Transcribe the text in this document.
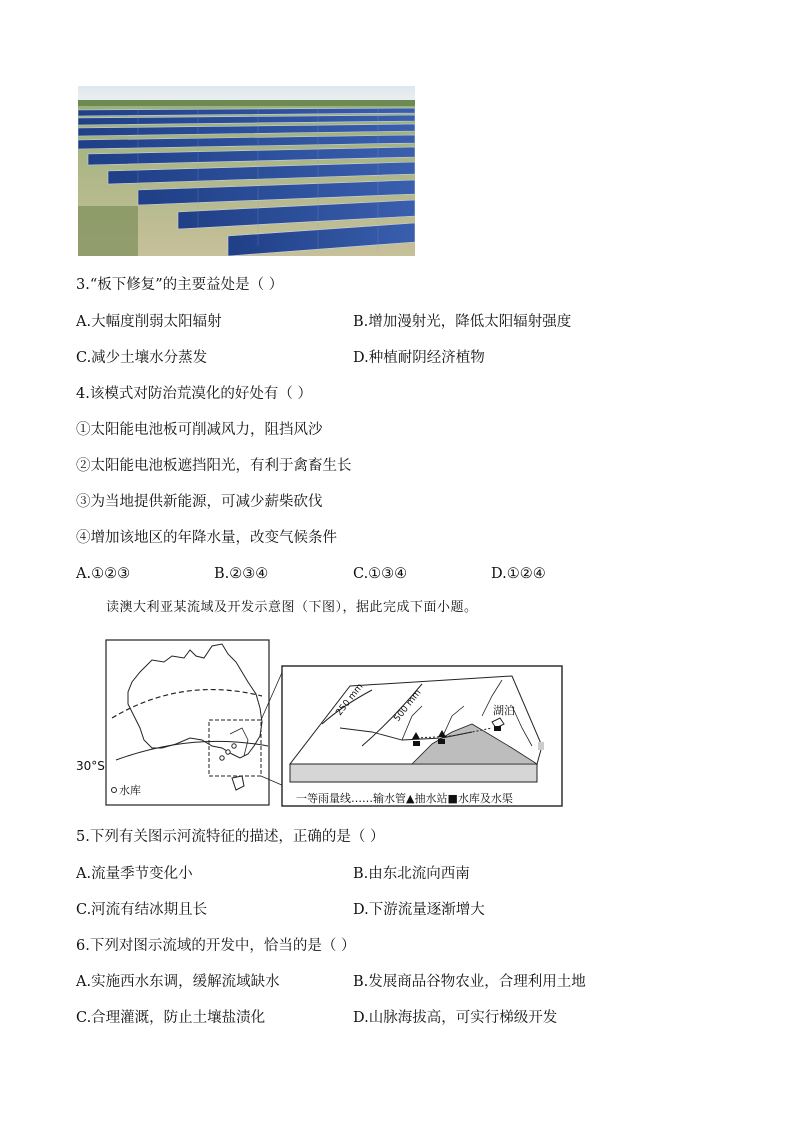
3.“板下修复”的主要益处是（ ）
A.大幅度削弱太阳辐射	B.增加漫射光，降低太阳辐射强度
C.减少土壤水分蒸发	D.种植耐阴经济植物
4.该模式对防治荒漠化的好处有（ ）
①太阳能电池板可削减风力，阻挡风沙
②太阳能电池板遮挡阳光，有利于禽畜生长
③为当地提供新能源，可减少薪柴砍伐
④增加该地区的年降水量，改变气候条件
A.①②③	B.②③④	C.①③④	D.①②④
读澳大利亚某流域及开发示意图（下图），据此完成下面小题。
30°S
水库
250 mm	500 mm	湖泊
一等雨量线……输水管▲抽水站■水库及水渠
5.下列有关图示河流特征的描述，正确的是（ ）
A.流量季节变化小	B.由东北流向西南
C.河流有结冰期且长	D.下游流量逐渐增大
6.下列对图示流域的开发中，恰当的是（ ）
A.实施西水东调，缓解流域缺水	B.发展商品谷物农业，合理利用土地
C.合理灌溉，防止土壤盐渍化	D.山脉海拔高，可实行梯级开发
